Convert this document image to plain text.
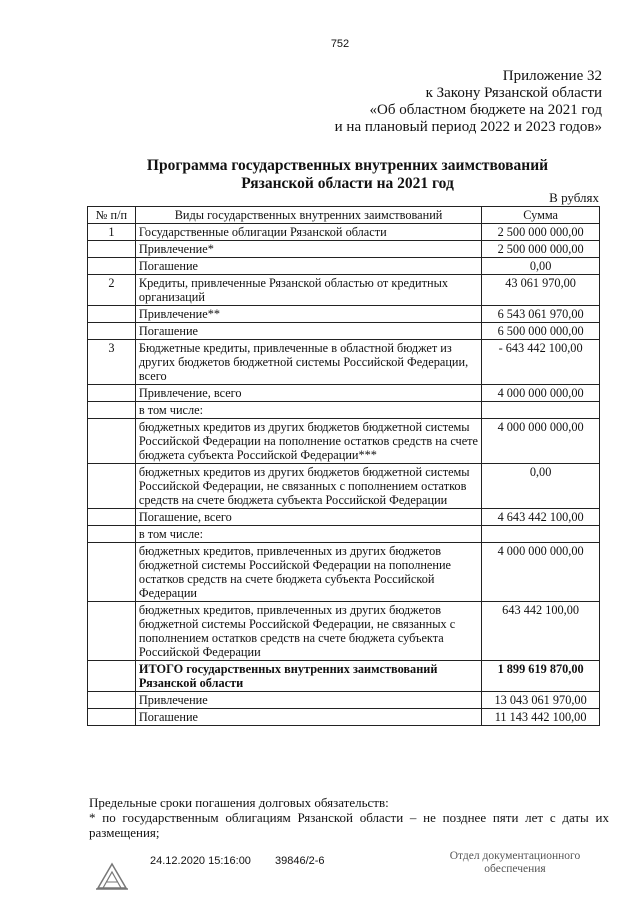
752
Приложение 32
к Закону Рязанской области
«Об областном бюджете на 2021 год
и на плановый период 2022 и 2023 годов»
Программа государственных внутренних заимствований
Рязанской области на 2021 год
В рублях
№ п/п	Виды государственных внутренних заимствований	Сумма
1	Государственные облигации Рязанской области	2 500 000 000,00
	Привлечение*	2 500 000 000,00
	Погашение	0,00
2	Кредиты, привлеченные Рязанской областью от кредитных организаций	43 061 970,00
	Привлечение**	6 543 061 970,00
	Погашение	6 500 000 000,00
3	Бюджетные кредиты, привлеченные в областной бюджет из других бюджетов бюджетной системы Российской Федерации, всего	- 643 442 100,00
	Привлечение, всего	4 000 000 000,00
	в том числе:	
	бюджетных кредитов из других бюджетов бюджетной системы Российской Федерации на пополнение остатков средств на счете бюджета субъекта Российской Федерации***	4 000 000 000,00
	бюджетных кредитов из других бюджетов бюджетной системы Российской Федерации, не связанных с пополнением остатков средств на счете бюджета субъекта Российской Федерации	0,00
	Погашение, всего	4 643 442 100,00
	в том числе:	
	бюджетных кредитов, привлеченных из других бюджетов бюджетной системы Российской Федерации на пополнение остатков средств на счете бюджета субъекта Российской Федерации	4 000 000 000,00
	бюджетных кредитов, привлеченных из других бюджетов бюджетной системы Российской Федерации, не связанных с пополнением остатков средств на счете бюджета субъекта Российской Федерации	643 442 100,00
	ИТОГО государственных внутренних заимствований Рязанской области	1 899 619 870,00
	Привлечение	13 043 061 970,00
	Погашение	11 143 442 100,00

Предельные сроки погашения долговых обязательств:

* по государственным облигациям Рязанской области – не позднее пяти лет с даты их размещения;

24.12.2020 15:16:00 39846/2-6	Отдел документационного
обеспечения
